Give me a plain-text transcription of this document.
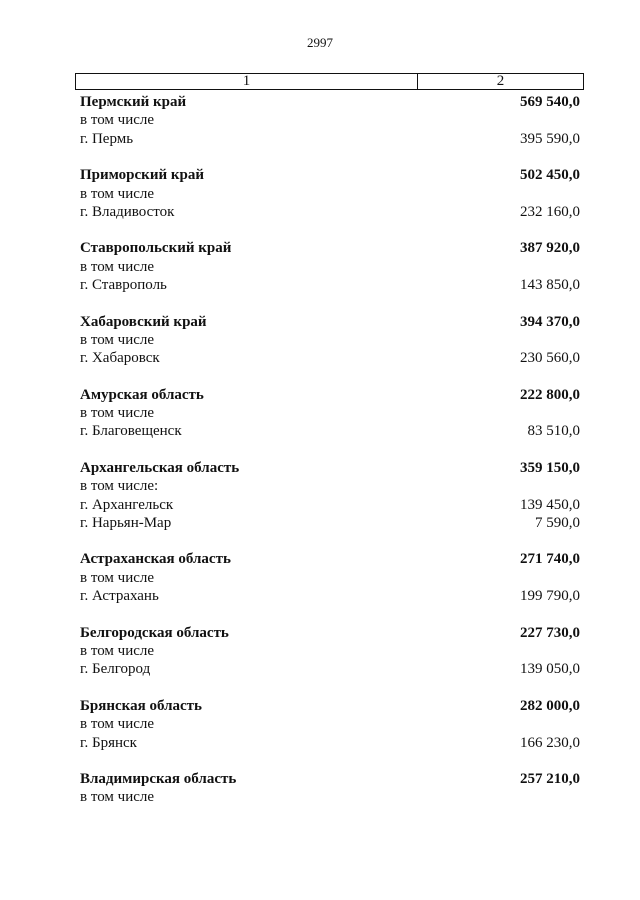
2997
1	2
Пермский край	569 540,0
в том числе
г. Пермь	395 590,0
Приморский край	502 450,0
в том числе
г. Владивосток	232 160,0
Ставропольский край	387 920,0
в том числе
г. Ставрополь	143 850,0
Хабаровский край	394 370,0
в том числе
г. Хабаровск	230 560,0
Амурская область	222 800,0
в том числе
г. Благовещенск	83 510,0
Архангельская область	359 150,0
в том числе:
г. Архангельск	139 450,0
г. Нарьян-Мар	7 590,0
Астраханская область	271 740,0
в том числе
г. Астрахань	199 790,0
Белгородская область	227 730,0
в том числе
г. Белгород	139 050,0
Брянская область	282 000,0
в том числе
г. Брянск	166 230,0
Владимирская область	257 210,0
в том числе
